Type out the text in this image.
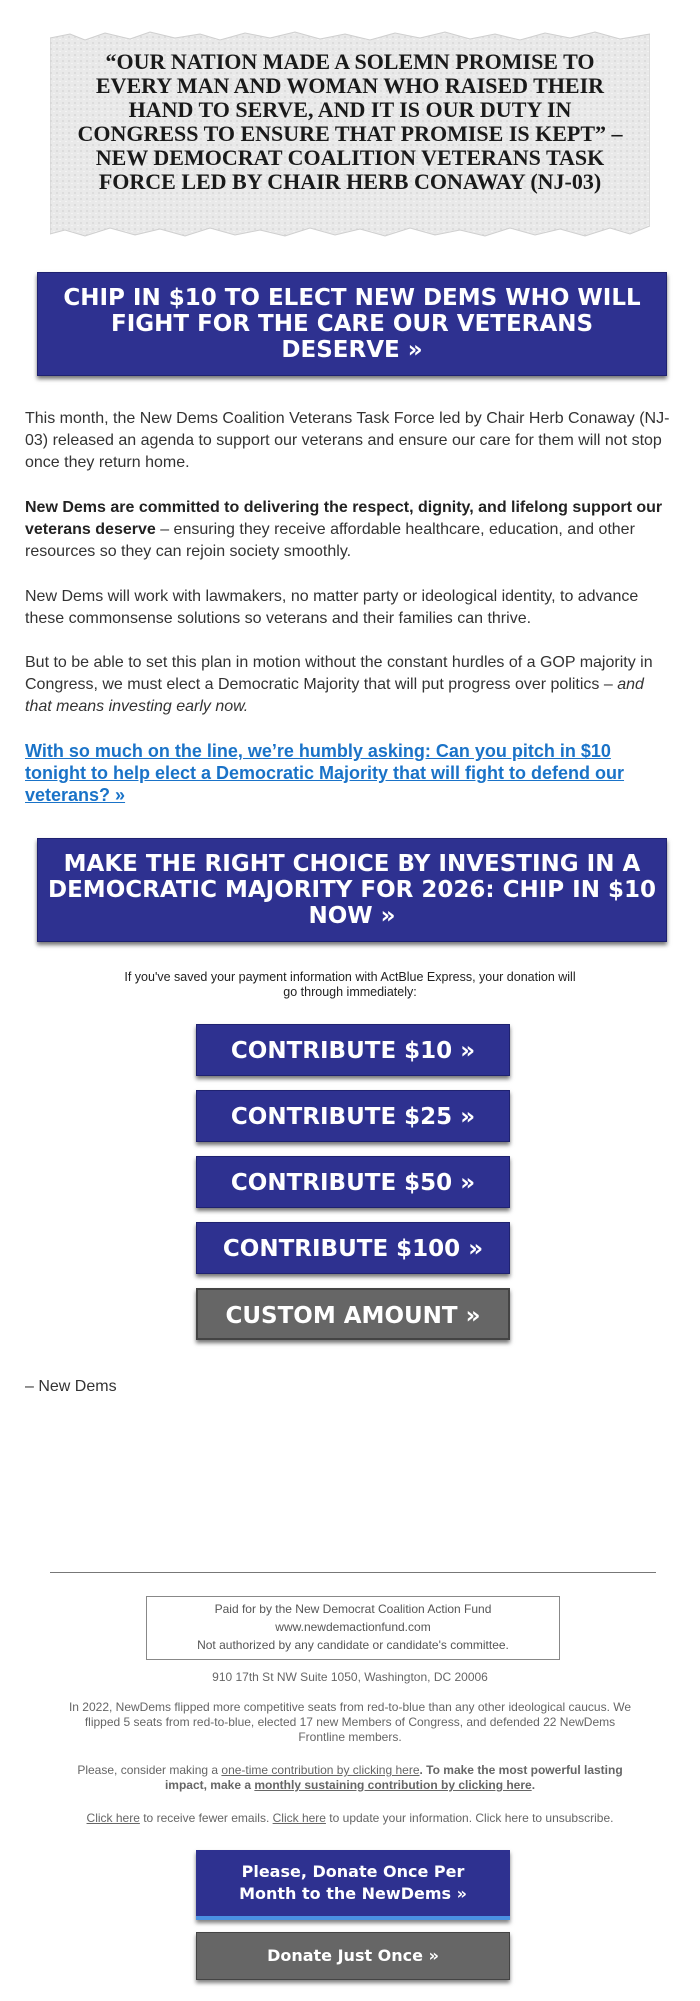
“OUR NATION MADE A SOLEMN PROMISE TO EVERY MAN AND WOMAN WHO RAISED THEIR HAND TO SERVE, AND IT IS OUR DUTY IN CONGRESS TO ENSURE THAT PROMISE IS KEPT” – NEW DEMOCRAT COALITION VETERANS TASK FORCE LED BY CHAIR HERB CONAWAY (NJ-03)
CHIP IN $10 TO ELECT NEW DEMS WHO WILL FIGHT FOR THE CARE OUR VETERANS DESERVE »

This month, the New Dems Coalition Veterans Task Force led by Chair Herb Conaway (NJ-03) released an agenda to support our veterans and ensure our care for them will not stop once they return home.

New Dems are committed to delivering the respect, dignity, and lifelong support our veterans deserve – ensuring they receive affordable healthcare, education, and other resources so they can rejoin society smoothly.

New Dems will work with lawmakers, no matter party or ideological identity, to advance these commonsense solutions so veterans and their families can thrive.

But to be able to set this plan in motion without the constant hurdles of a GOP majority in Congress, we must elect a Democratic Majority that will put progress over politics – and that means investing early now.

With so much on the line, we’re humbly asking: Can you pitch in $10 tonight to help elect a Democratic Majority that will fight to defend our veterans? »

MAKE THE RIGHT CHOICE BY INVESTING IN A DEMOCRATIC MAJORITY FOR 2026: CHIP IN $10 NOW »
If you've saved your payment information with ActBlue Express, your donation will go through immediately:
CONTRIBUTE $10 »
CONTRIBUTE $25 »
CONTRIBUTE $50 »
CONTRIBUTE $100 »
CUSTOM AMOUNT »
– New Dems
Paid for by the New Democrat Coalition Action Fund
www.newdemactionfund.com
Not authorized by any candidate or candidate's committee.
910 17th St NW Suite 1050, Washington, DC 20006
In 2022, NewDems flipped more competitive seats from red-to-blue than any other ideological caucus. We flipped 5 seats from red-to-blue, elected 17 new Members of Congress, and defended 22 NewDems Frontline members.
Please, consider making a one-time contribution by clicking here. To make the most powerful lasting impact, make a monthly sustaining contribution by clicking here.
Click here to receive fewer emails. Click here to update your information. Click here to unsubscribe.
Please, Donate Once Per Month to the NewDems »
Donate Just Once »
